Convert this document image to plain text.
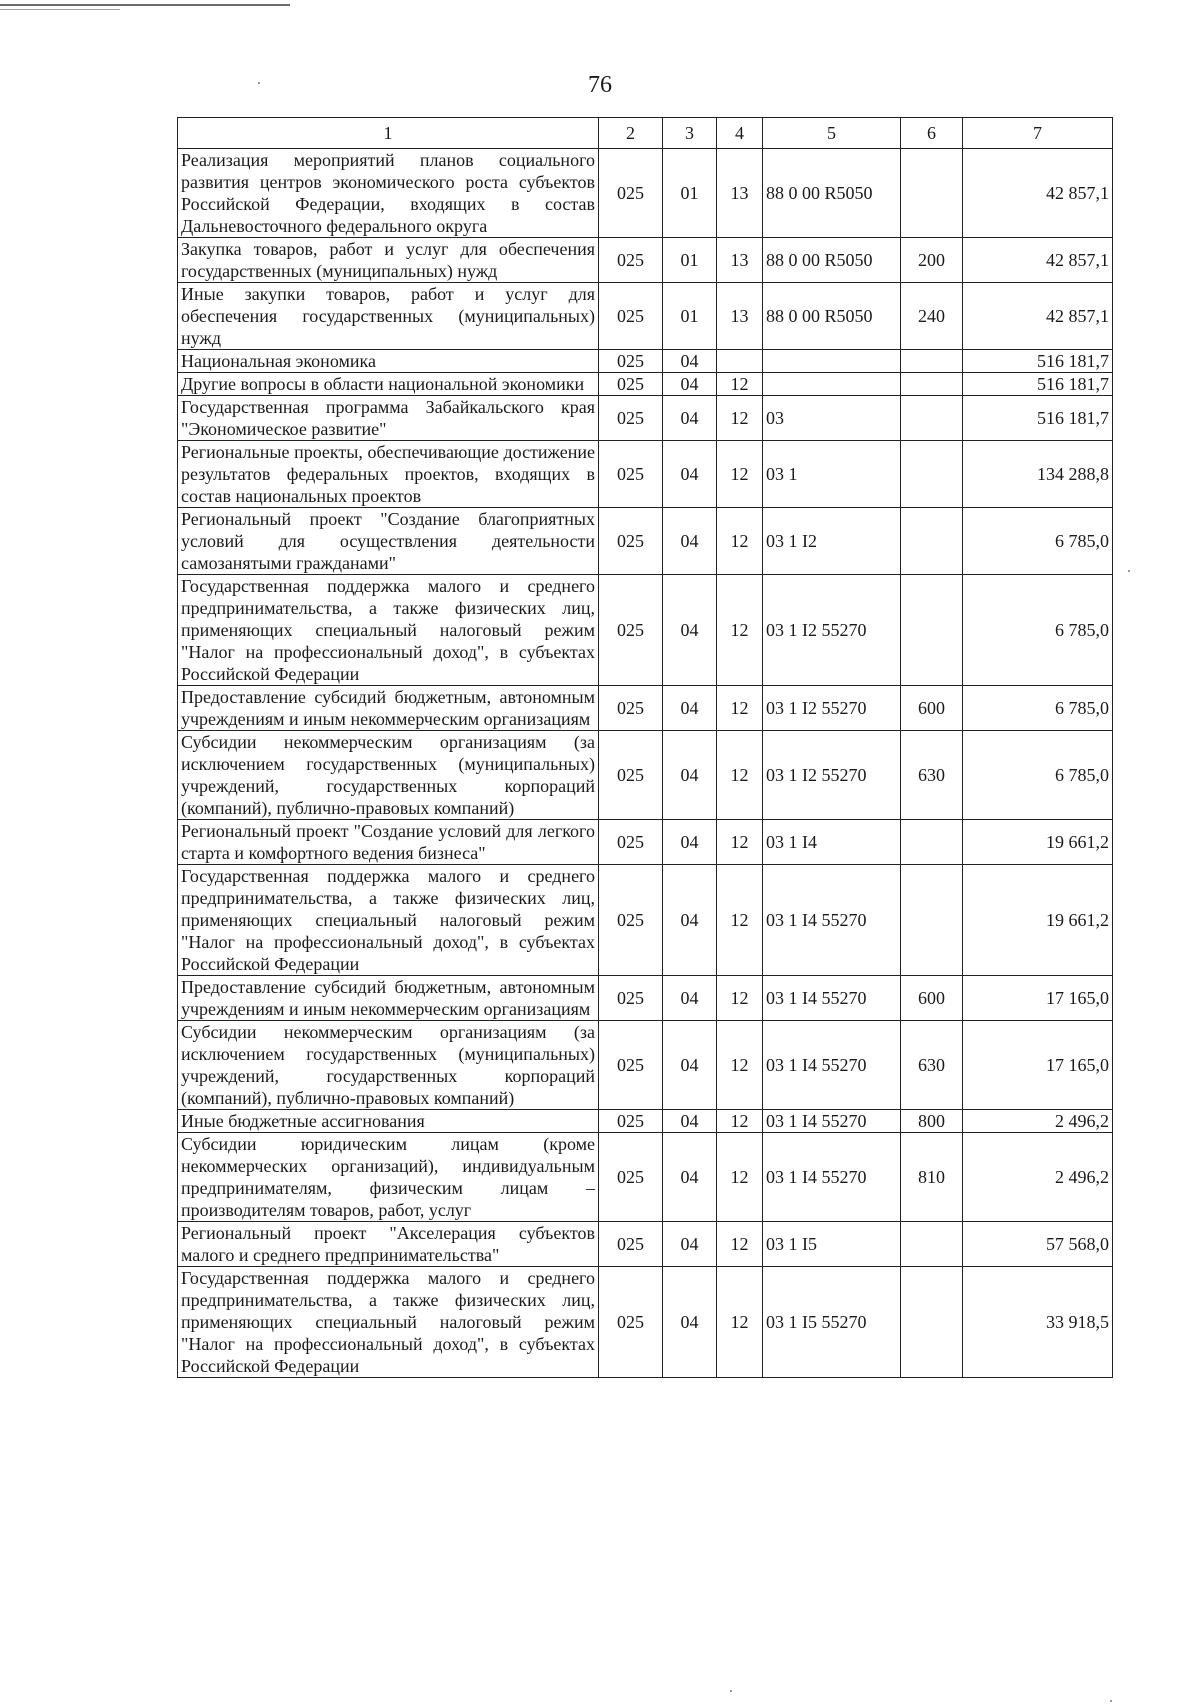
76
1	2	3	4	5	6	7
Реализация мероприятий планов социального развития центров экономического роста субъектов Российской Федерации, входящих в состав Дальневосточного федерального округа	025	01	13	88 0 00 R5050		42 857,1
Закупка товаров, работ и услуг для обеспечения государственных (муниципальных) нужд	025	01	13	88 0 00 R5050	200	42 857,1
Иные закупки товаров, работ и услуг для обеспечения государственных (муниципальных) нужд	025	01	13	88 0 00 R5050	240	42 857,1
Национальная экономика	025	04				516 181,7
Другие вопросы в области национальной экономики	025	04	12			516 181,7
Государственная программа Забайкальского края "Экономическое развитие"	025	04	12	03		516 181,7
Региональные проекты, обеспечивающие достижение результатов федеральных проектов, входящих в состав национальных проектов	025	04	12	03 1		134 288,8
Региональный проект "Создание благоприятных условий для осуществления деятельности самозанятыми гражданами"	025	04	12	03 1 I2		6 785,0
Государственная поддержка малого и среднего предпринимательства, а также физических лиц, применяющих специальный налоговый режим "Налог на профессиональный доход", в субъектах Российской Федерации	025	04	12	03 1 I2 55270		6 785,0
Предоставление субсидий бюджетным, автономным учреждениям и иным некоммерческим организациям	025	04	12	03 1 I2 55270	600	6 785,0
Субсидии некоммерческим организациям (за исключением государственных (муниципальных) учреждений, государственных корпораций (компаний), публично-правовых компаний)	025	04	12	03 1 I2 55270	630	6 785,0
Региональный проект "Создание условий для легкого старта и комфортного ведения бизнеса"	025	04	12	03 1 I4		19 661,2
Государственная поддержка малого и среднего предпринимательства, а также физических лиц, применяющих специальный налоговый режим "Налог на профессиональный доход", в субъектах Российской Федерации	025	04	12	03 1 I4 55270		19 661,2
Предоставление субсидий бюджетным, автономным учреждениям и иным некоммерческим организациям	025	04	12	03 1 I4 55270	600	17 165,0
Субсидии некоммерческим организациям (за исключением государственных (муниципальных) учреждений, государственных корпораций (компаний), публично-правовых компаний)	025	04	12	03 1 I4 55270	630	17 165,0
Иные бюджетные ассигнования	025	04	12	03 1 I4 55270	800	2 496,2
Субсидии юридическим лицам (кроме некоммерческих организаций), индивидуальным предпринимателям, физическим лицам – производителям товаров, работ, услуг	025	04	12	03 1 I4 55270	810	2 496,2
Региональный проект "Акселерация субъектов малого и среднего предпринимательства"	025	04	12	03 1 I5		57 568,0
Государственная поддержка малого и среднего предпринимательства, а также физических лиц, применяющих специальный налоговый режим "Налог на профессиональный доход", в субъектах Российской Федерации	025	04	12	03 1 I5 55270		33 918,5
